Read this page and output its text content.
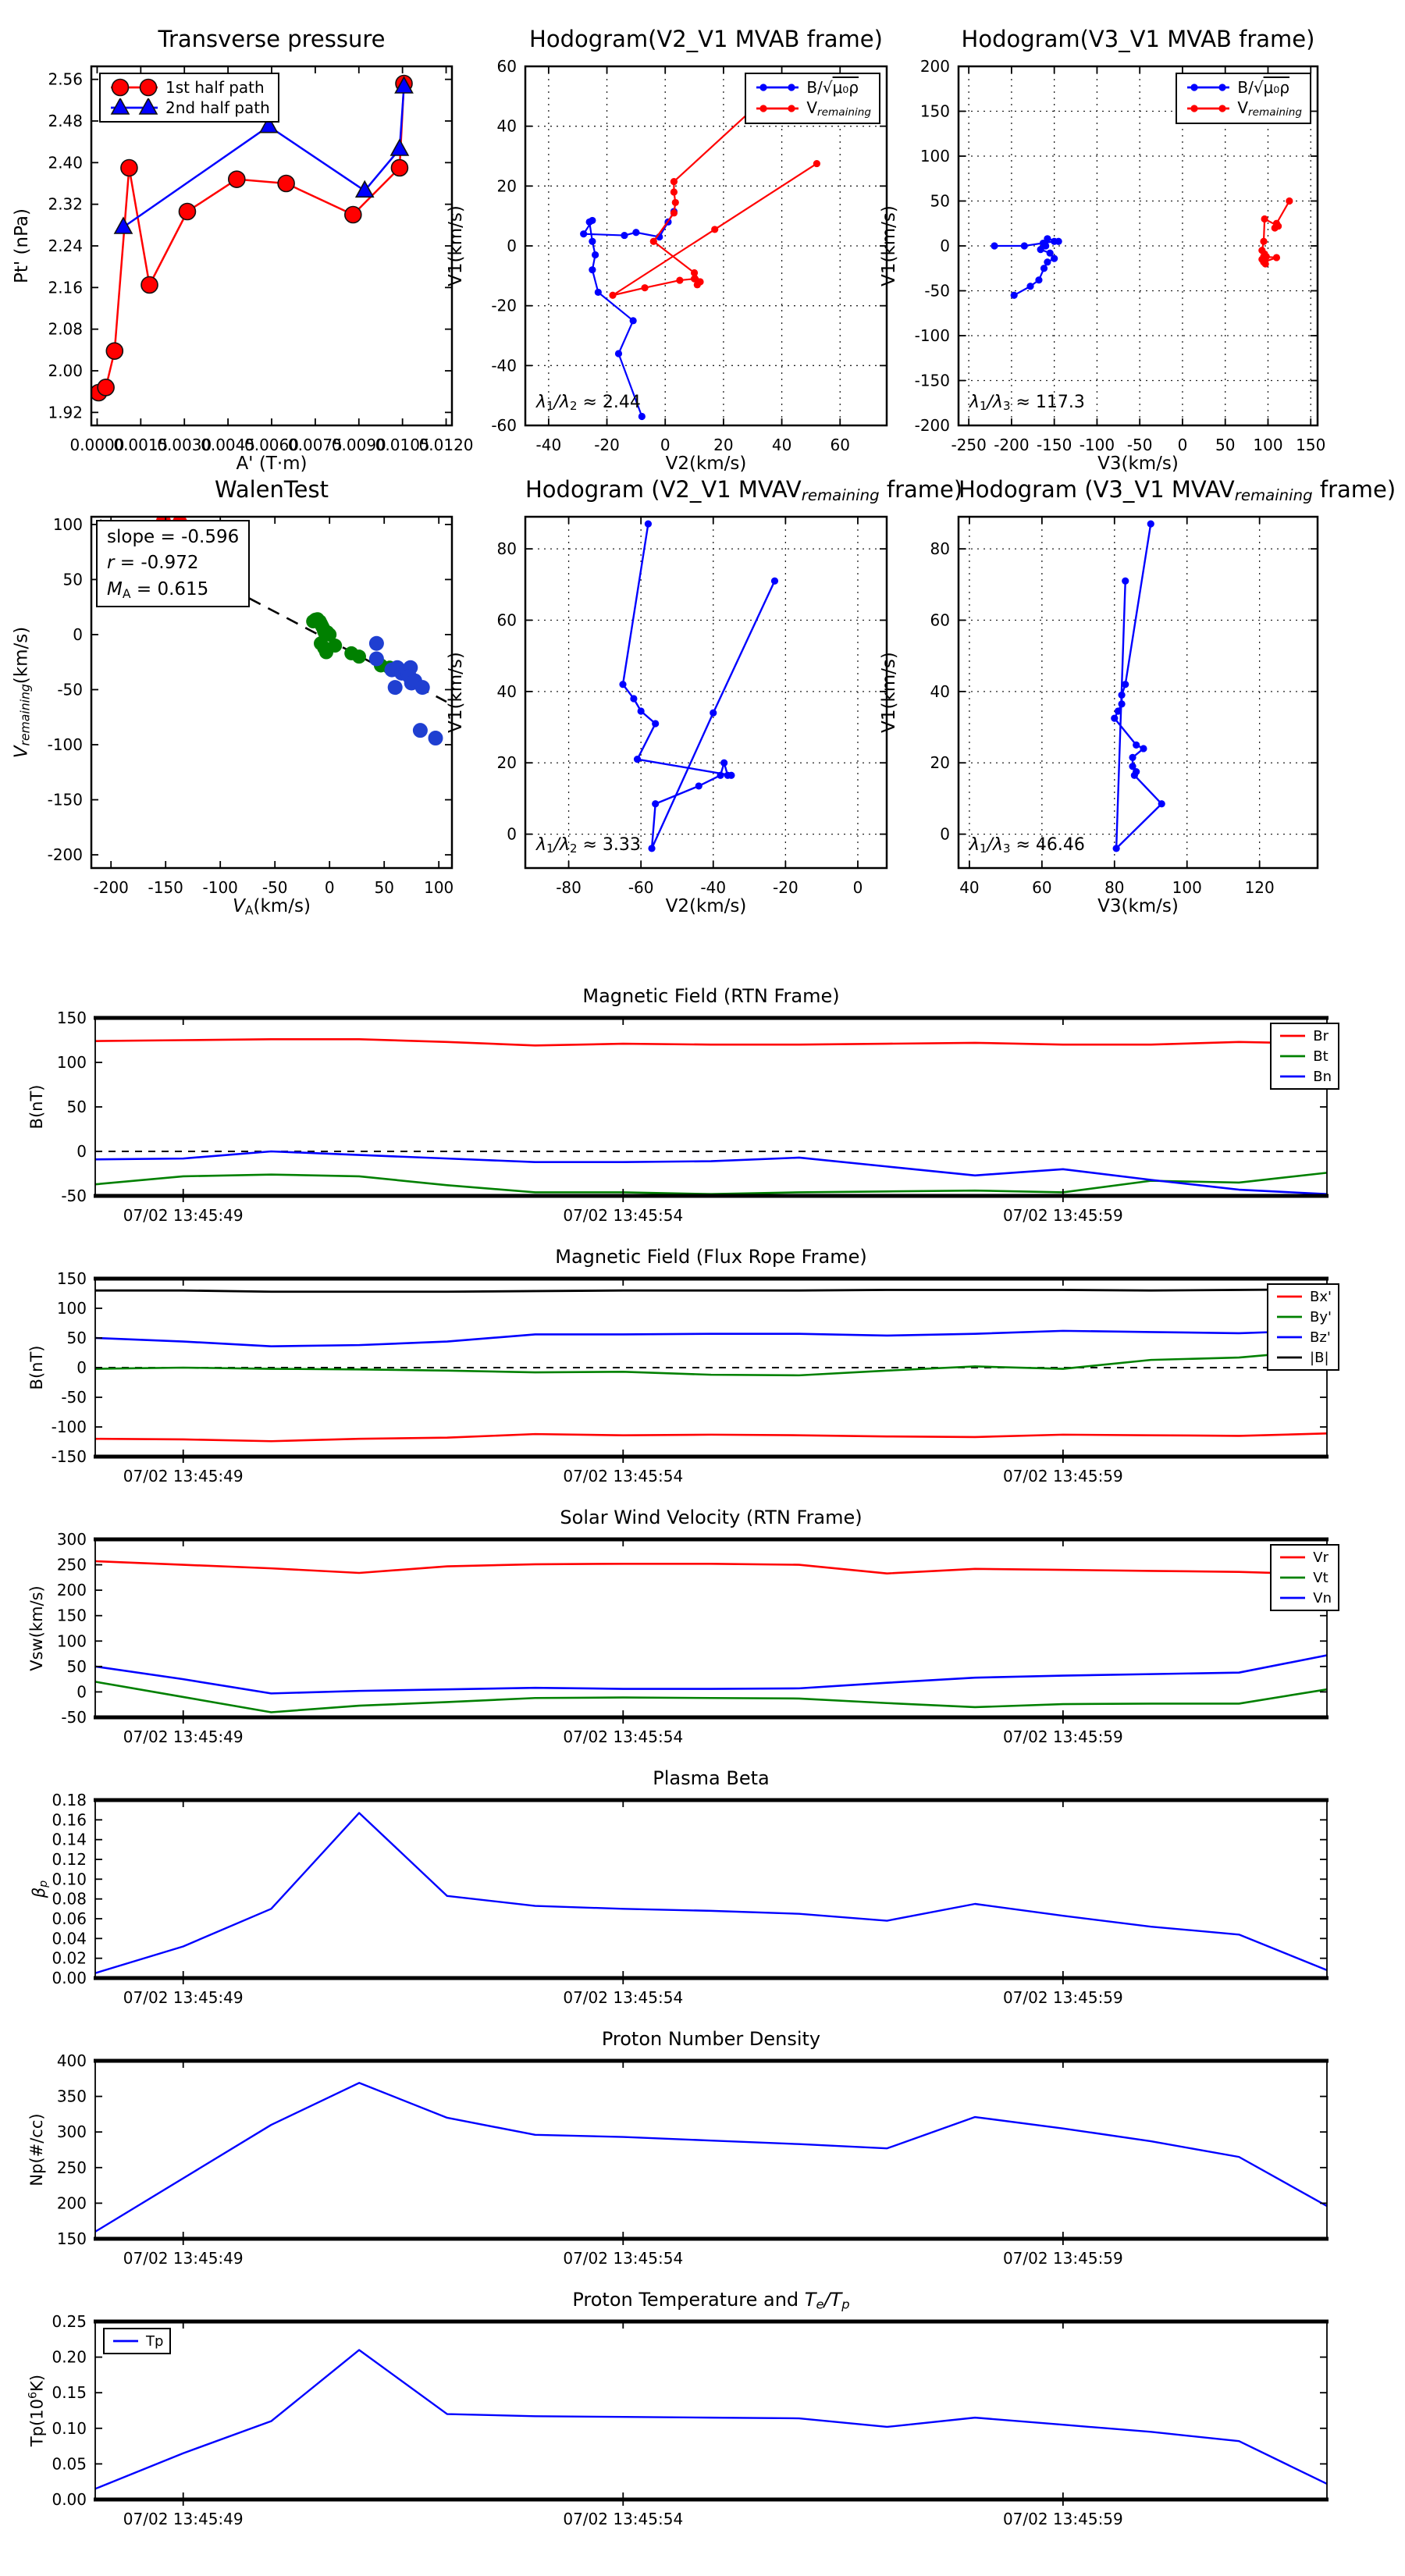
Transverse pressure
Pt' (nPa)
A' (T·m)
0.0000
0.0015
0.0030
0.0045
0.0060
0.0075
0.0090
0.0105
0.0120
1.92
2.00
2.08
2.16
2.24
2.32
2.40
2.48
2.56	1st half path
2nd half path
Hodogram(V2_V1 MVAB frame)
V1(km/s)
V2(km/s)
-40 -20	0	20 40 60
-60
-40
-20
0
20
40
60
B/√μ₀ρ
Vremaining
λ1/λ2 ≈ 2.44
Hodogram(V3_V1 MVAB frame)
V1(km/s)
V3(km/s)
-250 -200 -150 -100 -50 0 50 100 150
-200
-150
-100
-50
0
50
100
150
200
B/√μ₀ρ
Vremaining
λ1/λ3 ≈ 117.3
WalenTest
Vremaining(km/s)
VA(km/s)
-200 -150 -100 -50 0	50 100
-200
-150
-100
-50
0
50
100
slope = -0.596
r = -0.972
MA = 0.615
Hodogram (V2_V1 MVAVremaining frame)
V1(km/s)
V2(km/s)
-80	-60	-40	-20	0
0
20
40
60
80
λ1/λ2 ≈ 3.33
Hodogram (V3_V1 MVAVremaining frame)
V1(km/s)
V3(km/s)
40	60	80	100	120
0
20
40
60
80
λ1/λ3 ≈ 46.46
Magnetic Field (RTN Frame)
B(nT)
07/02 13:45:49	07/02 13:45:54	07/02 13:45:59
-50
0
50
100
150
Br
Bt
Bn
Magnetic Field (Flux Rope Frame)
B(nT)
07/02 13:45:49	07/02 13:45:54	07/02 13:45:59
-150
-100
-50
0
50
100
150
Bx'
By'
Bz'
|B|
Solar Wind Velocity (RTN Frame)
Vsw(km/s)
07/02 13:45:49	07/02 13:45:54	07/02 13:45:59
-50
0
50
100
150
200
250
300
Vr
Vt
Vn
Plasma Beta
βp
07/02 13:45:49	07/02 13:45:54	07/02 13:45:59
0.00
0.02
0.04
0.06
0.08
0.10
0.12
0.14
0.16
0.18
Proton Number Density
Np(#/cc)
07/02 13:45:49	07/02 13:45:54	07/02 13:45:59
150
200
250
300
350
400
Proton Temperature and Te/Tp
$Tp(10^6K)$
07/02 13:45:49	07/02 13:45:54	07/02 13:45:59
0.00
0.05
0.10
0.15
0.20
0.25
Tp
